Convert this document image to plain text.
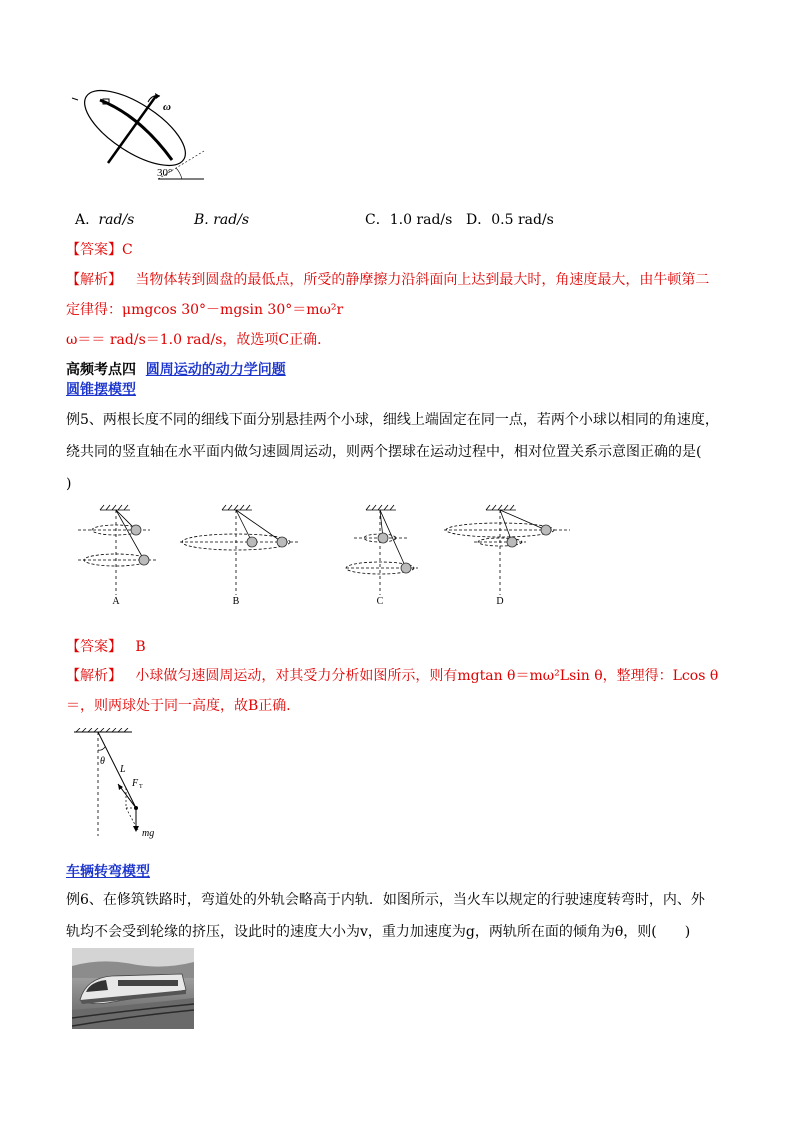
ω
30°
A. rad/s	B. rad/s	C．1.0 rad/s D．0.5 rad/s
【答案】C
【解析】 当物体转到圆盘的最低点，所受的静摩擦力沿斜面向上达到最大时，角速度最大，由牛顿第二
定律得：μmgcos 30°－mgsin 30°＝mω²r
ω＝＝ rad/s＝1.0 rad/s，故选项C正确．
高频考点四 圆周运动的动力学问题
圆锥摆模型
例5、两根长度不同的细线下面分别悬挂两个小球，细线上端固定在同一点，若两个小球以相同的角速度，
绕共同的竖直轴在水平面内做匀速圆周运动，则两个摆球在运动过程中，相对位置关系示意图正确的是(
)
A	B	C	D
【答案】 B
【解析】 小球做匀速圆周运动，对其受力分析如图所示，则有mgtan θ＝mω²Lsin θ，整理得：Lcos θ
＝，则两球处于同一高度，故B正确．
θ
L
F T
mg
车辆转弯模型
例6、在修筑铁路时，弯道处的外轨会略高于内轨．如图所示，当火车以规定的行驶速度转弯时，内、外
轨均不会受到轮缘的挤压，设此时的速度大小为v，重力加速度为g，两轨所在面的倾角为θ，则(　　)
